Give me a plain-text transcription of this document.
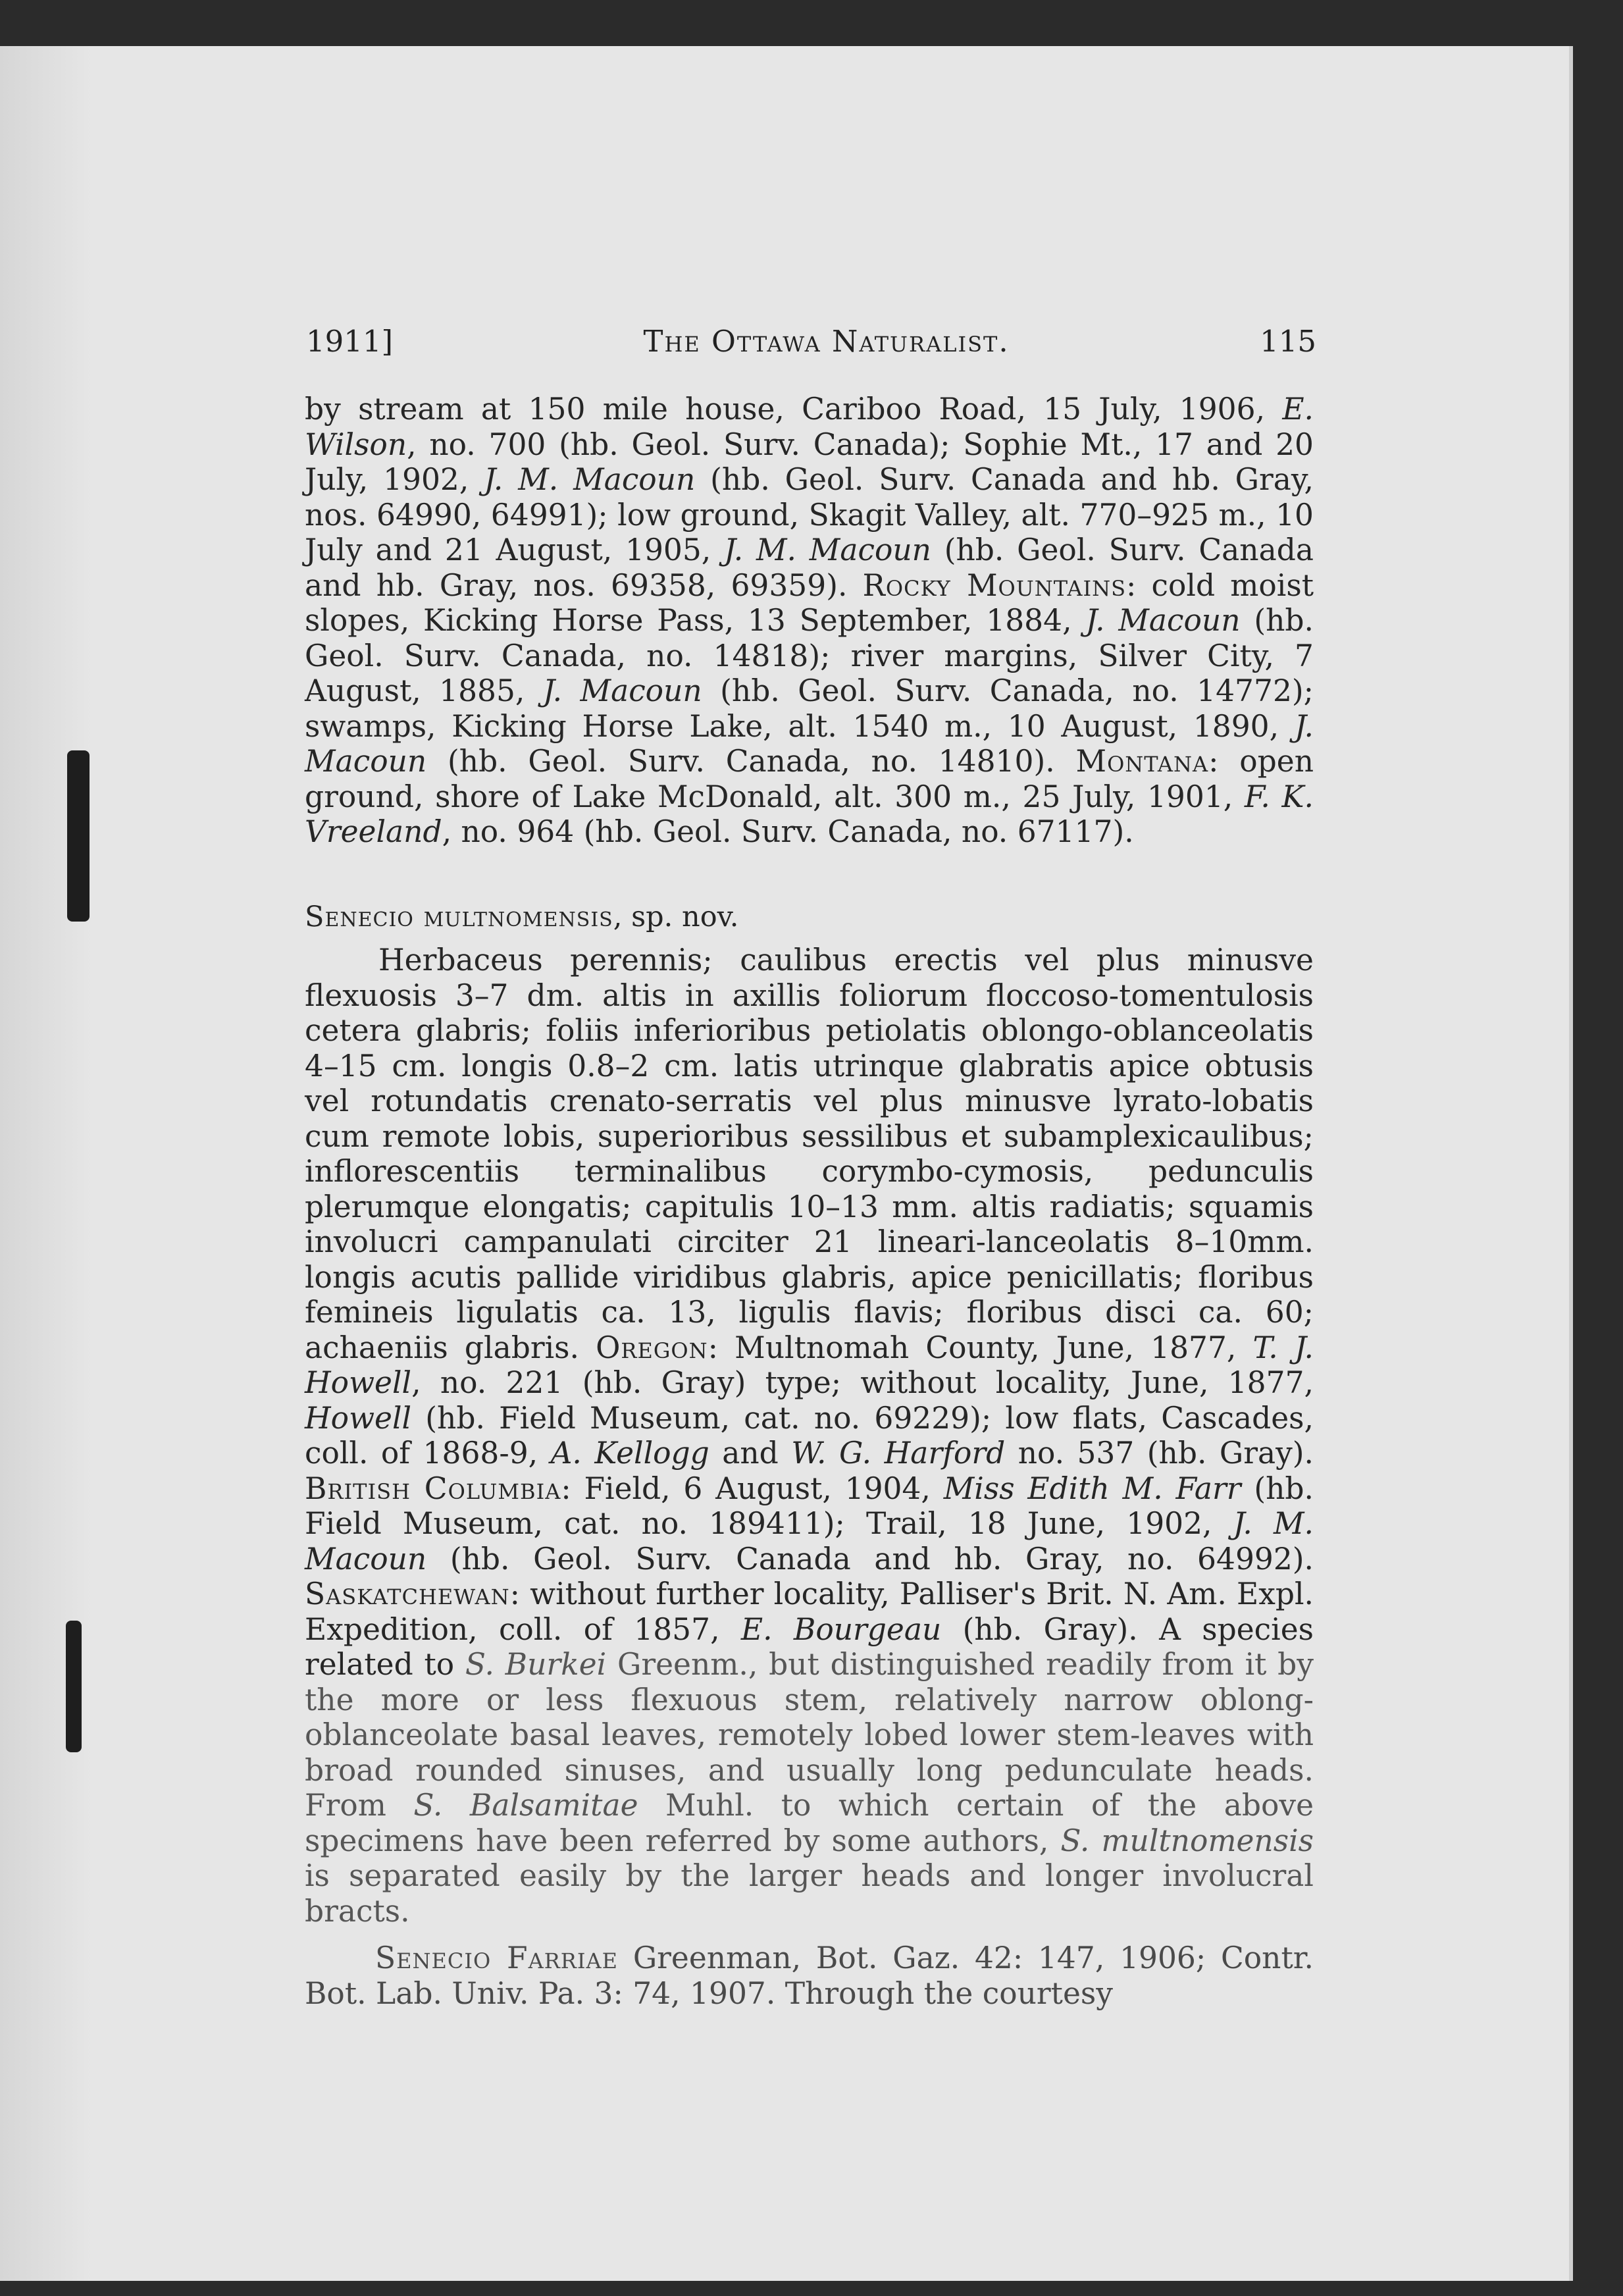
1911]	The Ottawa Naturalist.	115

by stream at 150 mile house, Cariboo Road, 15 July, 1906, E. Wilson, no. 700 (hb. Geol. Surv. Canada); Sophie Mt., 17 and 20 July, 1902, J. M. Macoun (hb. Geol. Surv. Canada and hb. Gray, nos. 64990, 64991); low ground, Skagit Valley, alt. 770–925 m., 10 July and 21 August, 1905, J. M. Macoun (hb. Geol. Surv. Canada and hb. Gray, nos. 69358, 69359). Rocky Mountains: cold moist slopes, Kicking Horse Pass, 13 September, 1884, J. Macoun (hb. Geol. Surv. Canada, no. 14818); river margins, Silver City, 7 August, 1885, J. Macoun (hb. Geol. Surv. Canada, no. 14772); swamps, Kicking Horse Lake, alt. 1540 m., 10 August, 1890, J. Macoun (hb. Geol. Surv. Canada, no. 14810). Montana: open ground, shore of Lake McDonald, alt. 300 m., 25 July, 1901, F. K. Vreeland, no. 964 (hb. Geol. Surv. Canada, no. 67117).

Senecio multnomensis, sp. nov.

Herbaceus perennis; caulibus erectis vel plus minusve flexuosis 3–7 dm. altis in axillis foliorum floccoso-tomentulosis cetera glabris; foliis inferioribus petiolatis oblongo-oblanceolatis 4–15 cm. longis 0.8–2 cm. latis utrinque glabratis apice obtusis vel rotundatis crenato-serratis vel plus minusve lyrato-lobatis cum remote lobis, superioribus sessilibus et subamplexicaulibus; inflorescentiis terminalibus corymbo-cymosis, pedunculis plerumque elongatis; capitulis 10–13 mm. altis radiatis; squamis involucri campanulati circiter 21 lineari-lanceolatis 8–10mm. longis acutis pallide viridibus glabris, apice penicillatis; floribus femineis ligulatis ca. 13, ligulis flavis; floribus disci ca. 60; achaeniis glabris. Oregon: Multnomah County, June, 1877, T. J. Howell, no. 221 (hb. Gray) type; without locality, June, 1877, Howell (hb. Field Museum, cat. no. 69229); low flats, Cascades, coll. of 1868-9, A. Kellogg and W. G. Harford no. 537 (hb. Gray). British Columbia: Field, 6 August, 1904, Miss Edith M. Farr (hb. Field Museum, cat. no. 189411); Trail, 18 June, 1902, J. M. Macoun (hb. Geol. Surv. Canada and hb. Gray, no. 64992). Saskatchewan: without further locality, Palliser's Brit. N. Am. Expl. Expedition, coll. of 1857, E. Bourgeau (hb. Gray). A species related to S. Burkei Greenm., but distinguished readily from it by the more or less flexuous stem, relatively narrow oblong-oblanceolate basal leaves, remotely lobed lower stem-leaves with broad rounded sinuses, and usually long pedunculate heads. From S. Balsamitae Muhl. to which certain of the above specimens have been referred by some authors, S. multnomensis is separated easily by the larger heads and longer involucral bracts.

Senecio Farriae Greenman, Bot. Gaz. 42: 147, 1906; Contr. Bot. Lab. Univ. Pa. 3: 74, 1907. Through the courtesy
